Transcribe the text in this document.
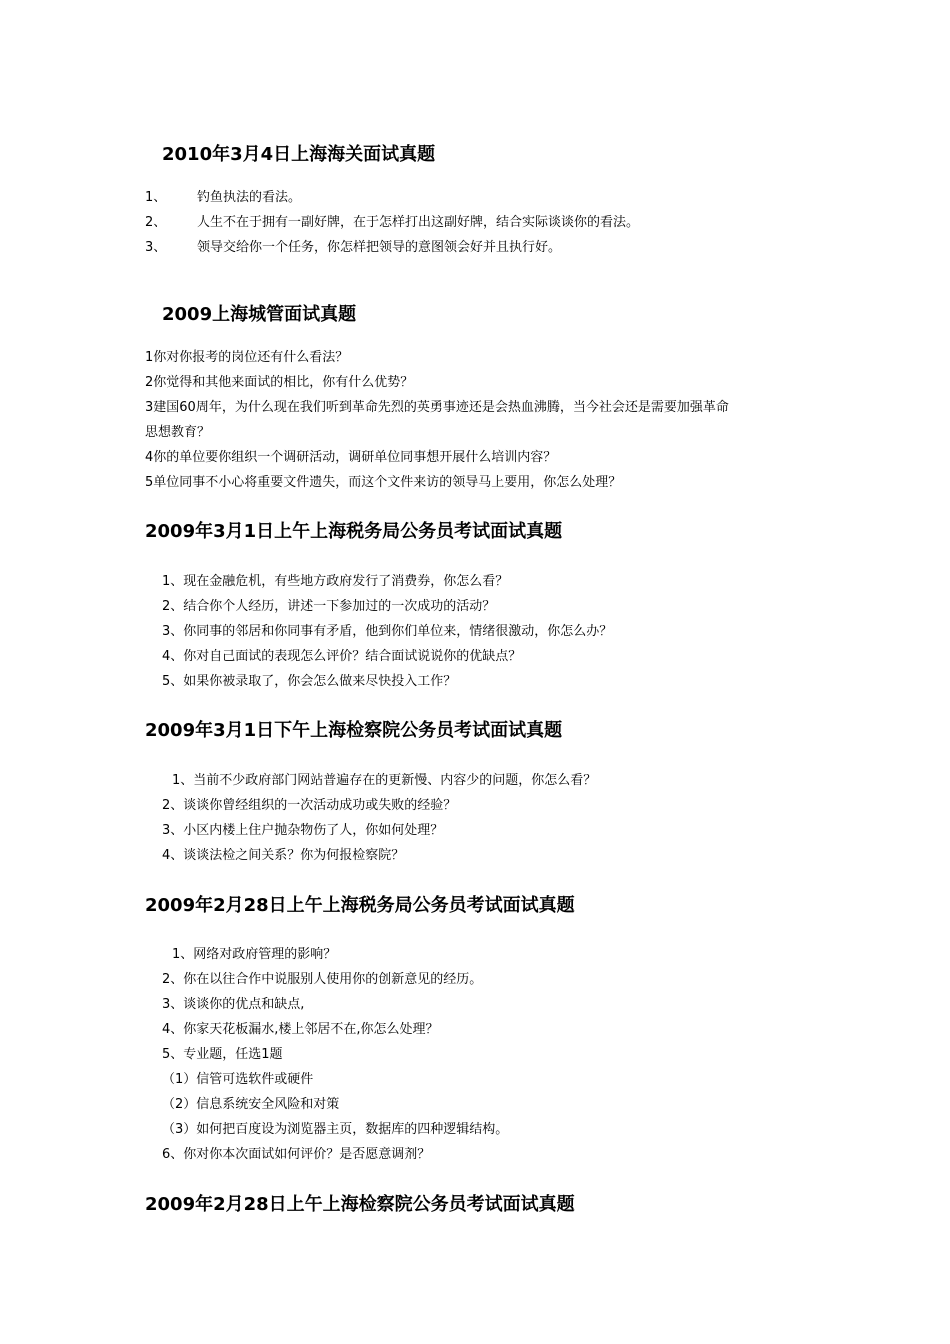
2010年3月4日上海海关面试真题
1、 钓鱼执法的看法。
2、 人生不在于拥有一副好牌，在于怎样打出这副好牌，结合实际谈谈你的看法。
3、 领导交给你一个任务，你怎样把领导的意图领会好并且执行好。
2009上海城管面试真题
1你对你报考的岗位还有什么看法？
2你觉得和其他来面试的相比，你有什么优势？
3建国60周年，为什么现在我们听到革命先烈的英勇事迹还是会热血沸腾，当今社会还是需要加强革命
思想教育？
4你的单位要你组织一个调研活动，调研单位同事想开展什么培训内容？
5单位同事不小心将重要文件遗失，而这个文件来访的领导马上要用，你怎么处理？
2009年3月1日上午上海税务局公务员考试面试真题
1、现在金融危机，有些地方政府发行了消费券，你怎么看？
2、结合你个人经历，讲述一下参加过的一次成功的活动？
3、你同事的邻居和你同事有矛盾，他到你们单位来，情绪很激动，你怎么办？
4、你对自己面试的表现怎么评价？结合面试说说你的优缺点？
5、如果你被录取了，你会怎么做来尽快投入工作？
2009年3月1日下午上海检察院公务员考试面试真题
1、当前不少政府部门网站普遍存在的更新慢、内容少的问题，你怎么看？
2、谈谈你曾经组织的一次活动成功或失败的经验？
3、小区内楼上住户抛杂物伤了人，你如何处理？
4、谈谈法检之间关系？你为何报检察院？
2009年2月28日上午上海税务局公务员考试面试真题
1、网络对政府管理的影响？
2、你在以往合作中说服别人使用你的创新意见的经历。
3、谈谈你的优点和缺点,
4、你家天花板漏水,楼上邻居不在,你怎么处理？
5、专业题，任选1题
（1）信管可选软件或硬件
（2）信息系统安全风险和对策
（3）如何把百度设为浏览器主页，数据库的四种逻辑结构。
6、你对你本次面试如何评价？是否愿意调剂？
2009年2月28日上午上海检察院公务员考试面试真题
